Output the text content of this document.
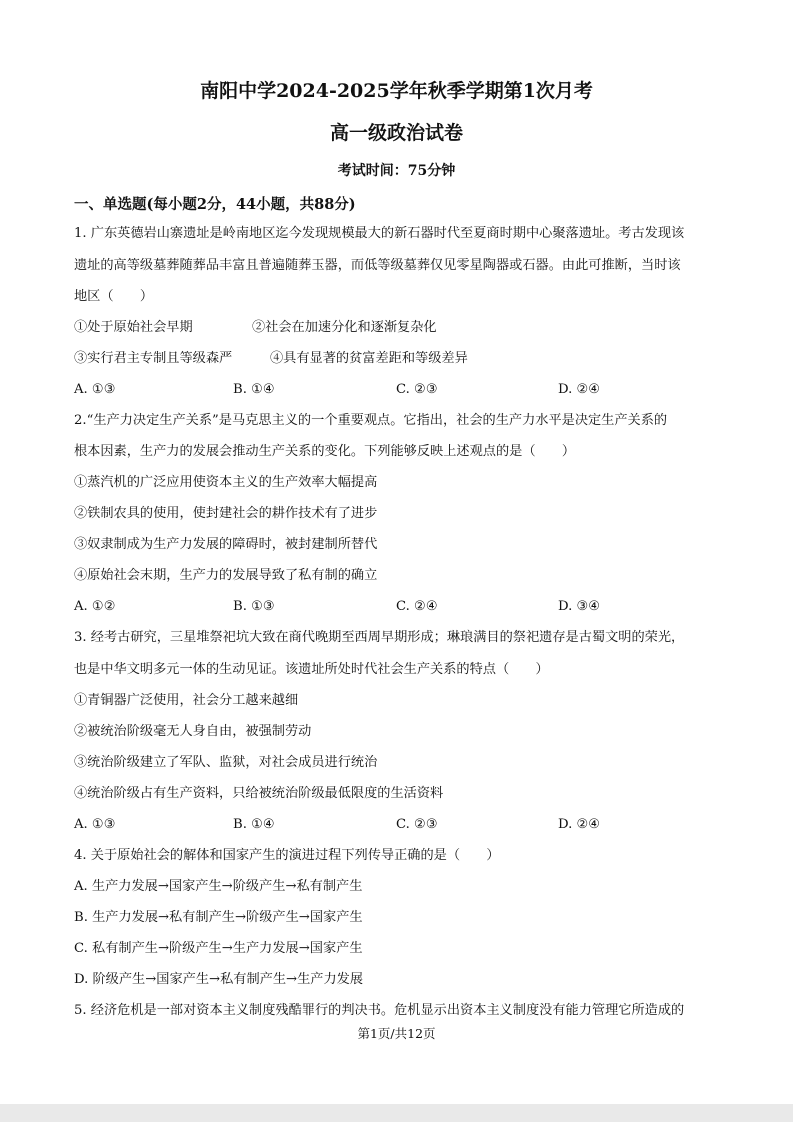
南阳中学2024-2025学年秋季学期第1次月考
高一级政治试卷
考试时间：75分钟
一、单选题(每小题2分，44小题，共88分)
1. 广东英德岩山寨遗址是岭南地区迄今发现规模最大的新石器时代至夏商时期中心聚落遗址。考古发现该
遗址的高等级墓葬随葬品丰富且普遍随葬玉器，而低等级墓葬仅见零星陶器或石器。由此可推断，当时该
地区（　　）
①处于原始社会早期	②社会在加速分化和逐渐复杂化
③实行君主专制且等级森严	④具有显著的贫富差距和等级差异
A. ①③	B. ①④	C. ②③	D. ②④
2.“生产力决定生产关系”是马克思主义的一个重要观点。它指出，社会的生产力水平是决定生产关系的
根本因素，生产力的发展会推动生产关系的变化。下列能够反映上述观点的是（　　）
①蒸汽机的广泛应用使资本主义的生产效率大幅提高
②铁制农具的使用，使封建社会的耕作技术有了进步
③奴隶制成为生产力发展的障碍时，被封建制所替代
④原始社会末期，生产力的发展导致了私有制的确立
A. ①②	B. ①③	C. ②④	D. ③④
3. 经考古研究，三星堆祭祀坑大致在商代晚期至西周早期形成；琳琅满目的祭祀遗存是古蜀文明的荣光，
也是中华文明多元一体的生动见证。该遗址所处时代社会生产关系的特点（　　）
①青铜器广泛使用，社会分工越来越细
②被统治阶级毫无人身自由，被强制劳动
③统治阶级建立了军队、监狱，对社会成员进行统治
④统治阶级占有生产资料，只给被统治阶级最低限度的生活资料
A. ①③	B. ①④	C. ②③	D. ②④
4. 关于原始社会的解体和国家产生的演进过程下列传导正确的是（　　）
A. 生产力发展→国家产生→阶级产生→私有制产生
B. 生产力发展→私有制产生→阶级产生→国家产生
C. 私有制产生→阶级产生→生产力发展→国家产生
D. 阶级产生→国家产生→私有制产生→生产力发展
5. 经济危机是一部对资本主义制度残酷罪行的判决书。危机显示出资本主义制度没有能力管理它所造成的
第1页/共12页
